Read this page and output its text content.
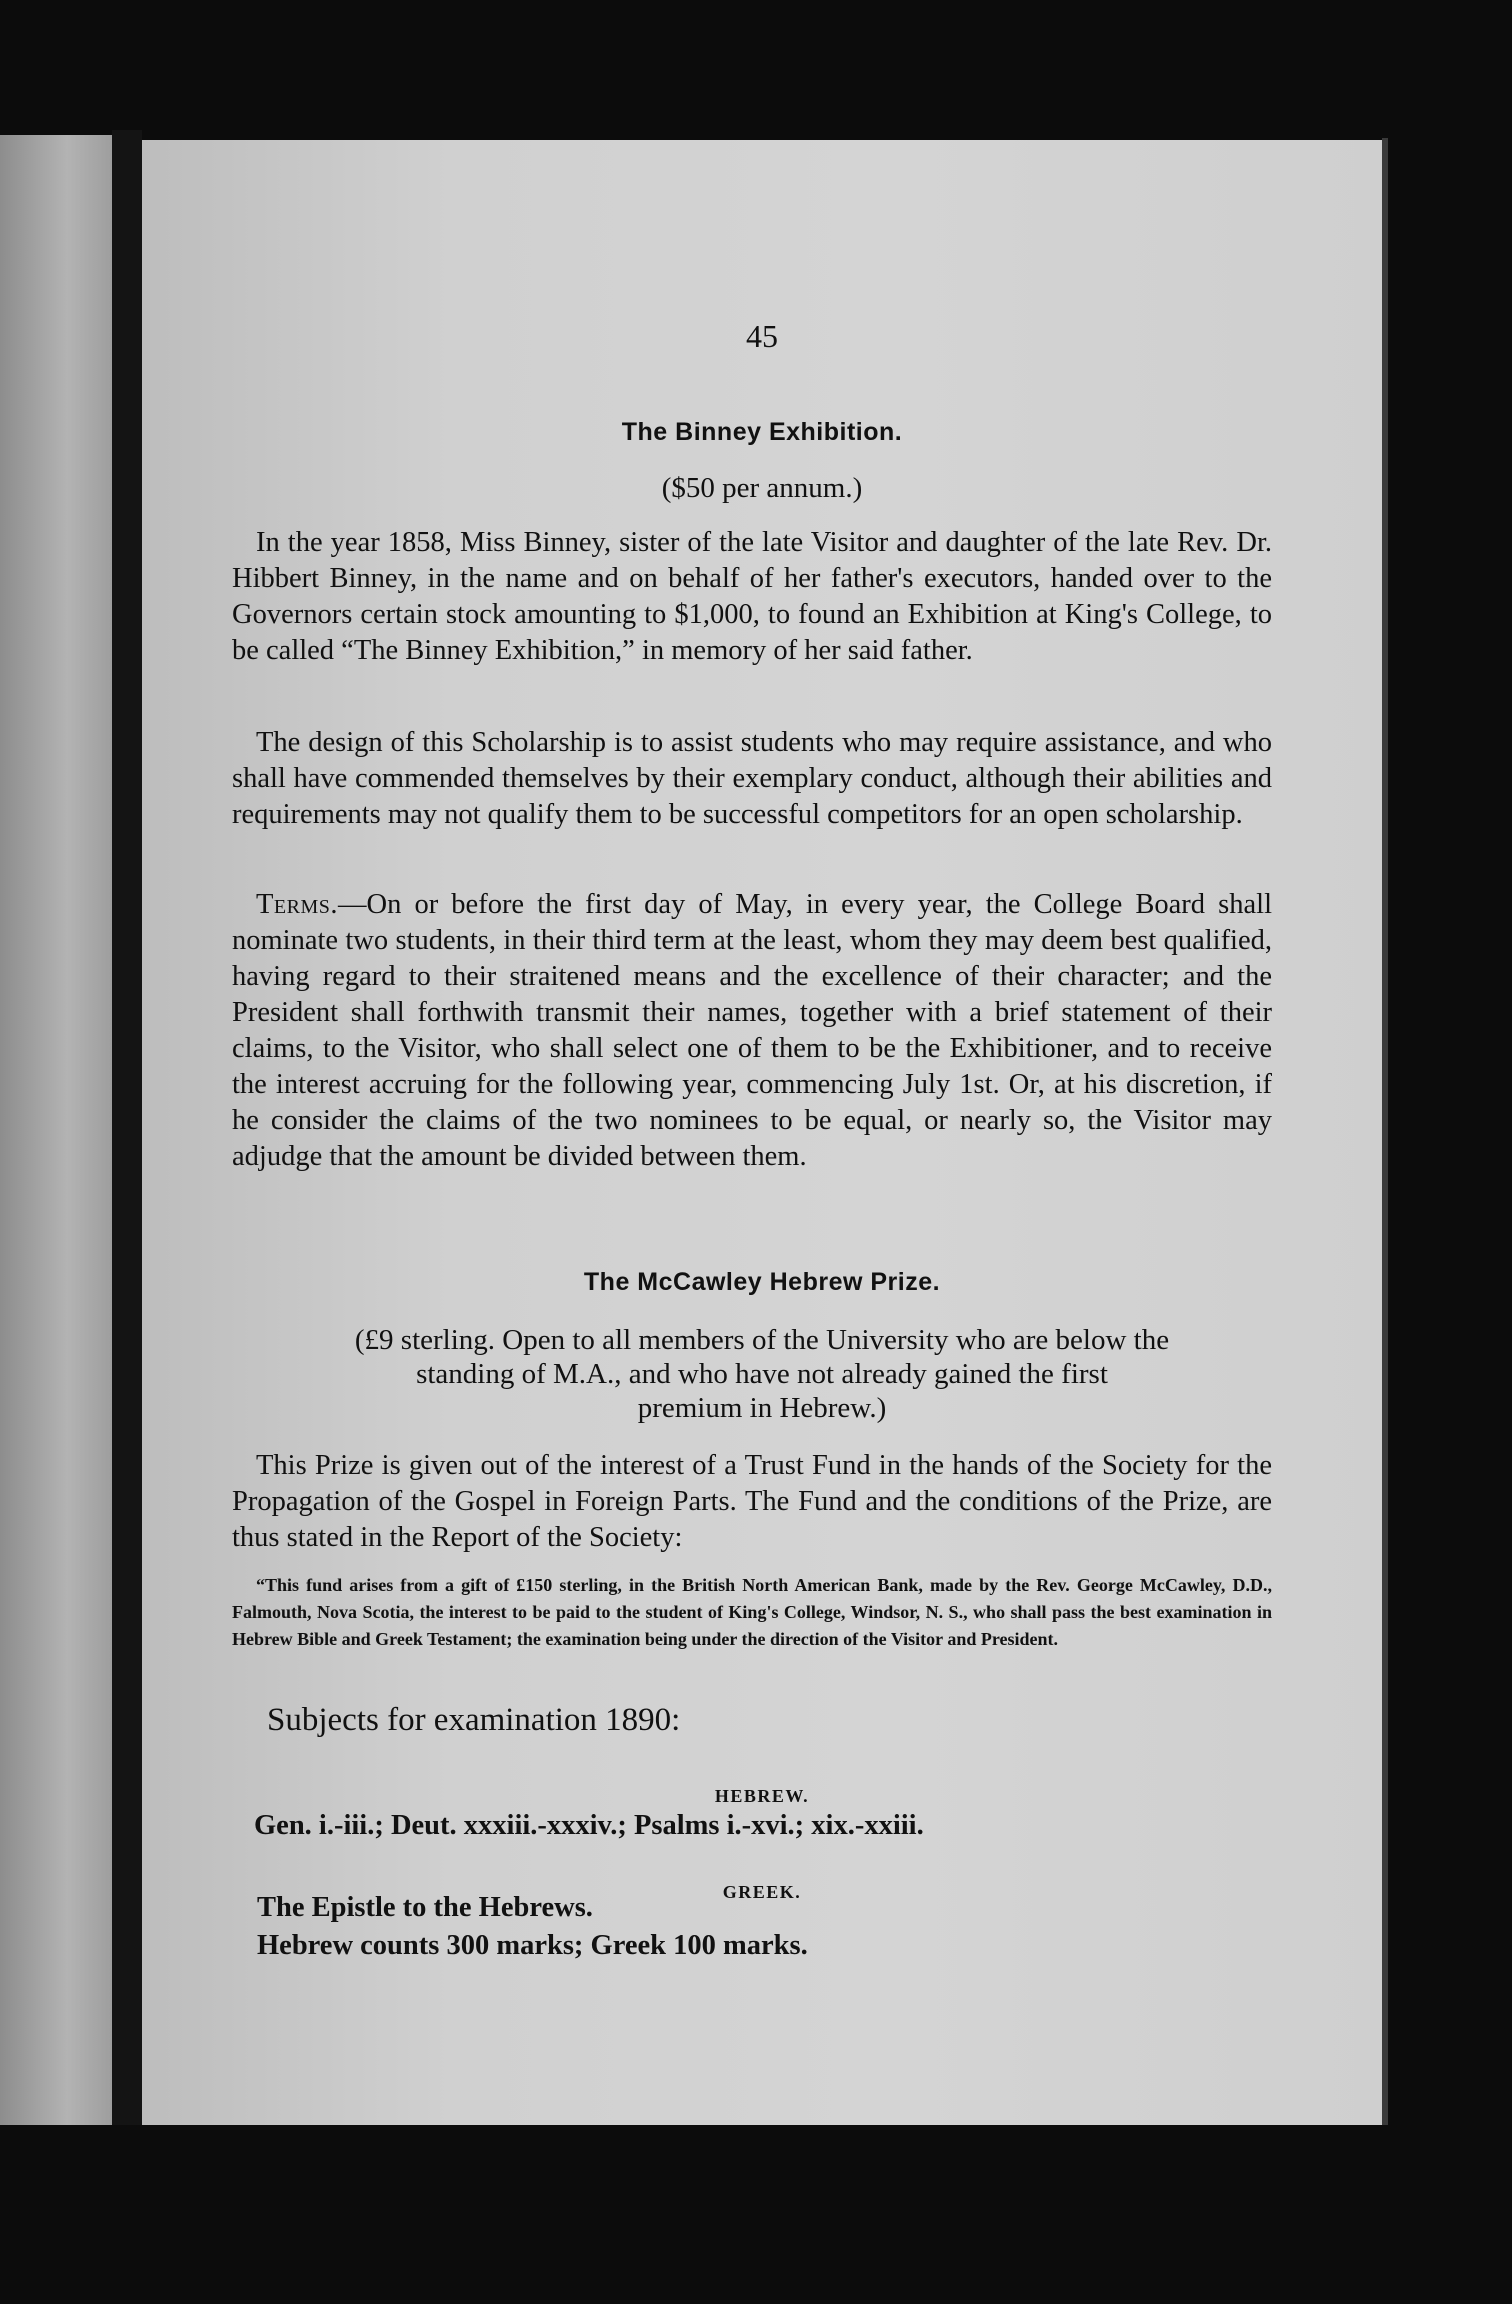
45
The Binney Exhibition.
($50 per annum.)
In the year 1858, Miss Binney, sister of the late Visitor and daughter of the late Rev. Dr. Hibbert Binney, in the name and on behalf of her father's executors, handed over to the Governors certain stock amounting to $1,000, to found an Exhibition at King's College, to be called “The Binney Exhibition,” in memory of her said father.
The design of this Scholarship is to assist students who may require assistance, and who shall have commended themselves by their exemplary conduct, although their abilities and requirements may not qualify them to be successful competitors for an open scholarship.
Terms.—On or before the first day of May, in every year, the College Board shall nominate two students, in their third term at the least, whom they may deem best qualified, having regard to their straitened means and the excellence of their character; and the President shall forthwith transmit their names, together with a brief statement of their claims, to the Visitor, who shall select one of them to be the Exhibitioner, and to receive the interest accruing for the following year, commencing July 1st. Or, at his discretion, if he consider the claims of the two nominees to be equal, or nearly so, the Visitor may adjudge that the amount be divided between them.
The McCawley Hebrew Prize.
(£9 sterling. Open to all members of the University who are below the
standing of M.A., and who have not already gained the first
premium in Hebrew.)
This Prize is given out of the interest of a Trust Fund in the hands of the Society for the Propagation of the Gospel in Foreign Parts. The Fund and the conditions of the Prize, are thus stated in the Report of the Society:
“This fund arises from a gift of £150 sterling, in the British North American Bank, made by the Rev. George McCawley, D.D., Falmouth, Nova Scotia, the interest to be paid to the student of King's College, Windsor, N. S., who shall pass the best examination in Hebrew Bible and Greek Testament; the examination being under the direction of the Visitor and President.
Subjects for examination 1890:
HEBREW.
Gen. i.-iii.; Deut. xxxiii.-xxxiv.; Psalms i.-xvi.; xix.-xxiii.
GREEK.
The Epistle to the Hebrews.
Hebrew counts 300 marks; Greek 100 marks.
